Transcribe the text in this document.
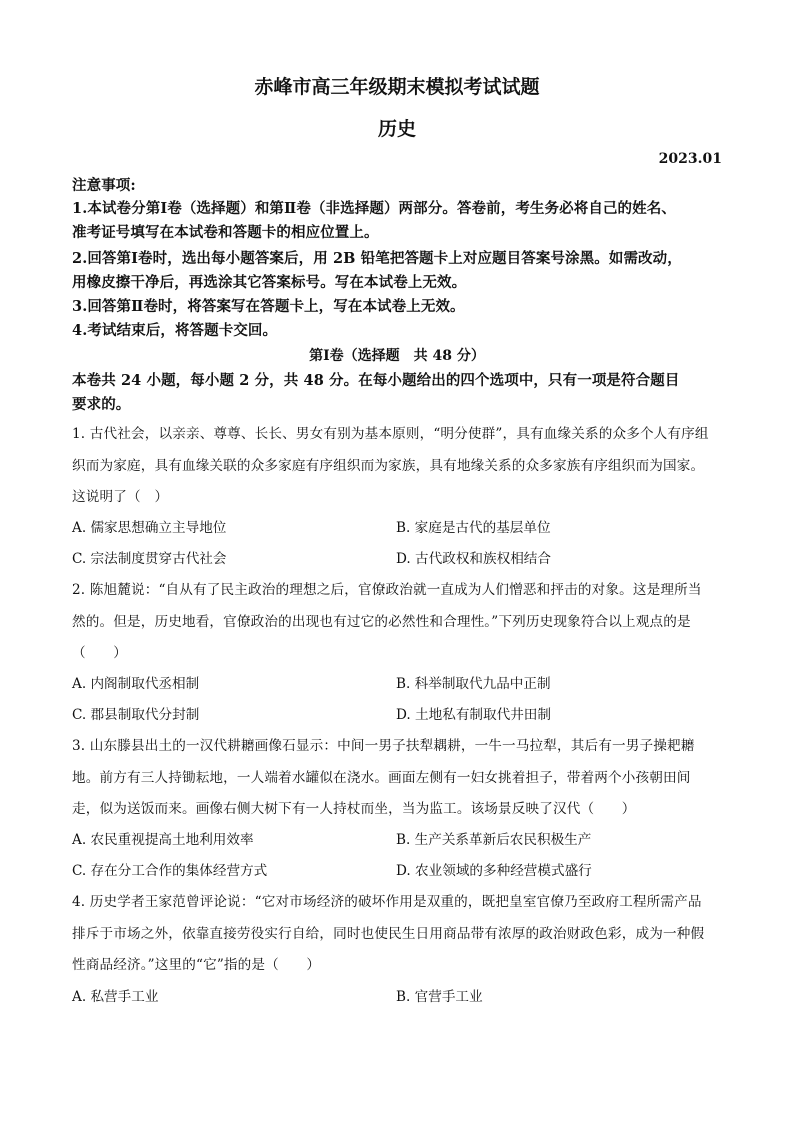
赤峰市高三年级期末模拟考试试题
历史
2023.01
注意事项:
1.本试卷分第Ⅰ卷（选择题）和第Ⅱ卷（非选择题）两部分。答卷前，考生务必将自己的姓名、
准考证号填写在本试卷和答题卡的相应位置上。
2.回答第Ⅰ卷时，选出每小题答案后，用 2B 铅笔把答题卡上对应题目答案号涂黑。如需改动，
用橡皮擦干净后，再选涂其它答案标号。写在本试卷上无效。
3.回答第Ⅱ卷时，将答案写在答题卡上，写在本试卷上无效。
4.考试结束后，将答题卡交回。
第Ⅰ卷（选择题　共 48 分）
本卷共 24 小题，每小题 2 分，共 48 分。在每小题给出的四个选项中，只有一项是符合题目
要求的。
1. 古代社会，以亲亲、尊尊、长长、男女有别为基本原则，“明分使群”，具有血缘关系的众多个人有序组
织而为家庭，具有血缘关联的众多家庭有序组织而为家族，具有地缘关系的众多家族有序组织而为国家。
这说明了（　）
A. 儒家思想确立主导地位	B. 家庭是古代的基层单位
C. 宗法制度贯穿古代社会	D. 古代政权和族权相结合
2. 陈旭麓说：“自从有了民主政治的理想之后，官僚政治就一直成为人们憎恶和抨击的对象。这是理所当
然的。但是，历史地看，官僚政治的出现也有过它的必然性和合理性。”下列历史现象符合以上观点的是
（　　）
A. 内阁制取代丞相制	B. 科举制取代九品中正制
C. 郡县制取代分封制	D. 土地私有制取代井田制
3. 山东滕县出土的一汉代耕耱画像石显示：中间一男子扶犁耦耕，一牛一马拉犁，其后有一男子操耙耱
地。前方有三人持锄耘地，一人端着水罐似在浇水。画面左侧有一妇女挑着担子，带着两个小孩朝田间
走，似为送饭而来。画像右侧大树下有一人持杖而坐，当为监工。该场景反映了汉代（　　）
A. 农民重视提高土地利用效率	B. 生产关系革新后农民积极生产
C. 存在分工合作的集体经营方式	D. 农业领域的多种经营模式盛行
4. 历史学者王家范曾评论说：“它对市场经济的破坏作用是双重的，既把皇室官僚乃至政府工程所需产品
排斥于市场之外，依靠直接劳役实行自给，同时也使民生日用商品带有浓厚的政治财政色彩，成为一种假
性商品经济。”这里的“它”指的是（　　）
A. 私营手工业	B. 官营手工业
